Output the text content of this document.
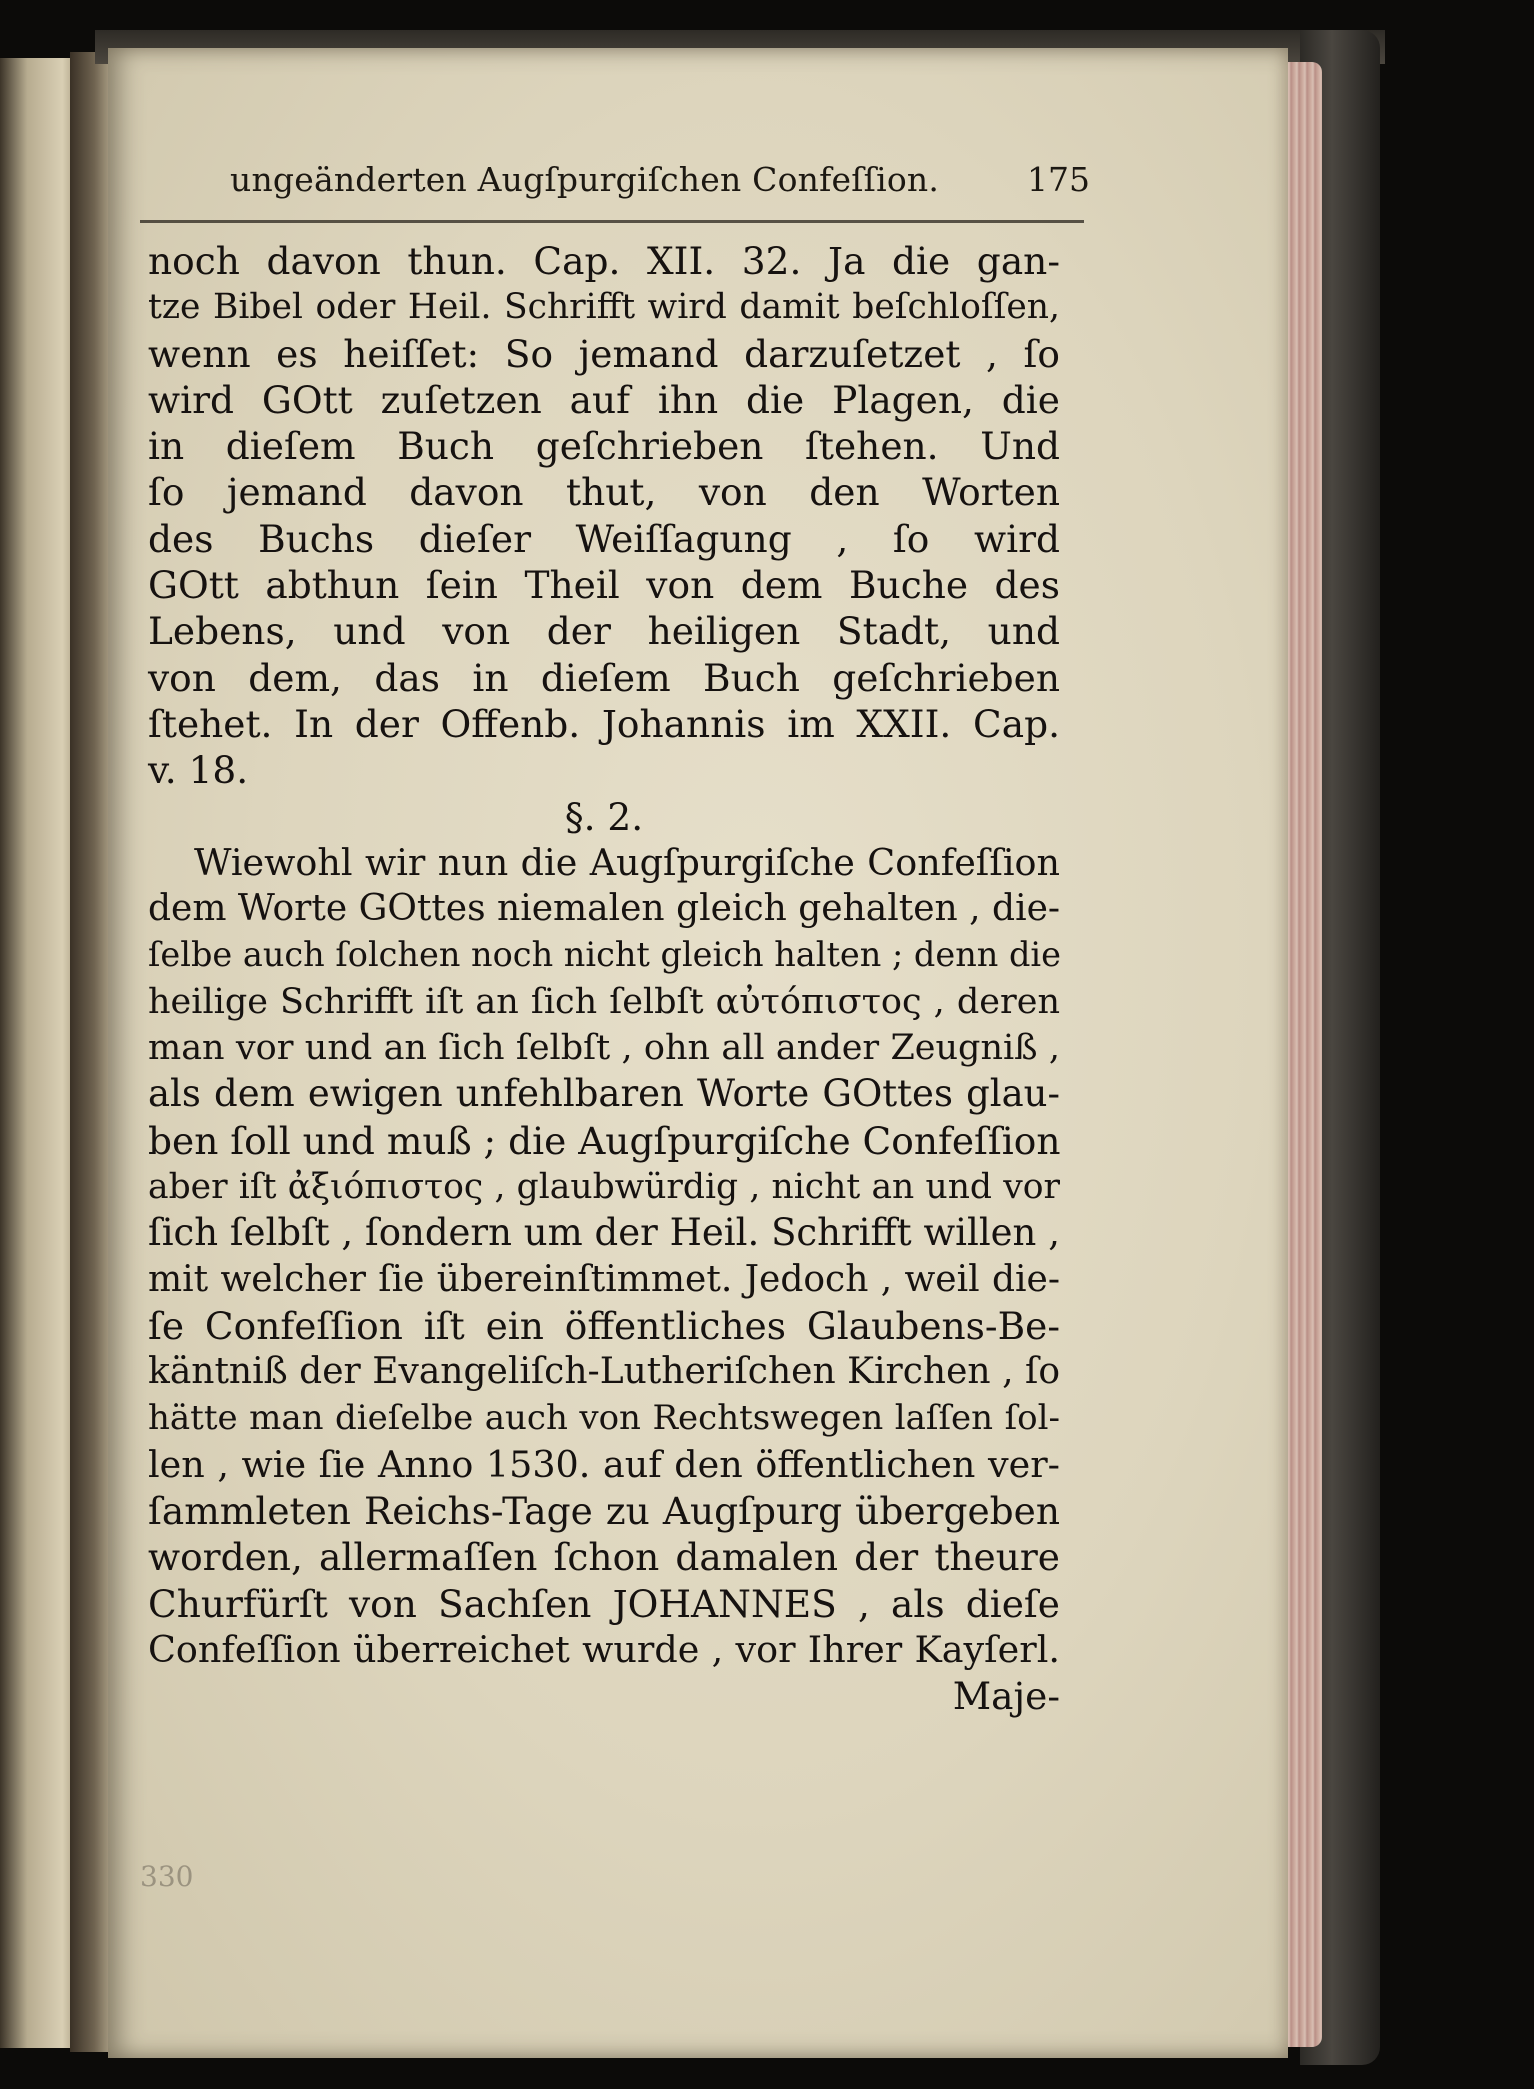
ungeänderten Augſpurgiſchen Confeſſion.	175
noch davon thun. Cap. XII. 32. Ja die gan-
tze Bibel oder Heil. Schrifft wird damit beſchloſſen,
wenn es heiſſet: So jemand darzuſetzet , ſo
wird GOtt zuſetzen auf ihn die Plagen, die
in dieſem Buch geſchrieben ſtehen. Und
ſo jemand davon thut, von den Worten
des Buchs dieſer Weiſſagung , ſo wird
GOtt abthun ſein Theil von dem Buche des
Lebens, und von der heiligen Stadt, und
von dem, das in dieſem Buch geſchrieben
ſtehet. In der Offenb. Johannis im XXII. Cap.
v. 18.
§. 2.
Wiewohl wir nun die Augſpurgiſche Confeſſion
dem Worte GOttes niemalen gleich gehalten , die-
ſelbe auch ſolchen noch nicht gleich halten ; denn die
heilige Schrifft iſt an ſich ſelbſt αὐτόπιστος , deren
man vor und an ſich ſelbſt , ohn all ander Zeugniß ,
als dem ewigen unfehlbaren Worte GOttes glau-
ben ſoll und muß ; die Augſpurgiſche Confeſſion
aber iſt ἀξιόπιστος , glaubwürdig , nicht an und vor
ſich ſelbſt , ſondern um der Heil. Schrifft willen ,
mit welcher ſie übereinſtimmet. Jedoch , weil die-
ſe Confeſſion iſt ein öffentliches Glaubens-Be-
käntniß der Evangeliſch-Lutheriſchen Kirchen , ſo
hätte man dieſelbe auch von Rechtswegen laſſen ſol-
len , wie ſie Anno 1530. auf den öffentlichen ver-
ſammleten Reichs-Tage zu Augſpurg übergeben
worden, allermaſſen ſchon damalen der theure
Churfürſt von Sachſen JOHANNES , als dieſe
Confeſſion überreichet wurde , vor Ihrer Kayſerl.
Maje-
330
